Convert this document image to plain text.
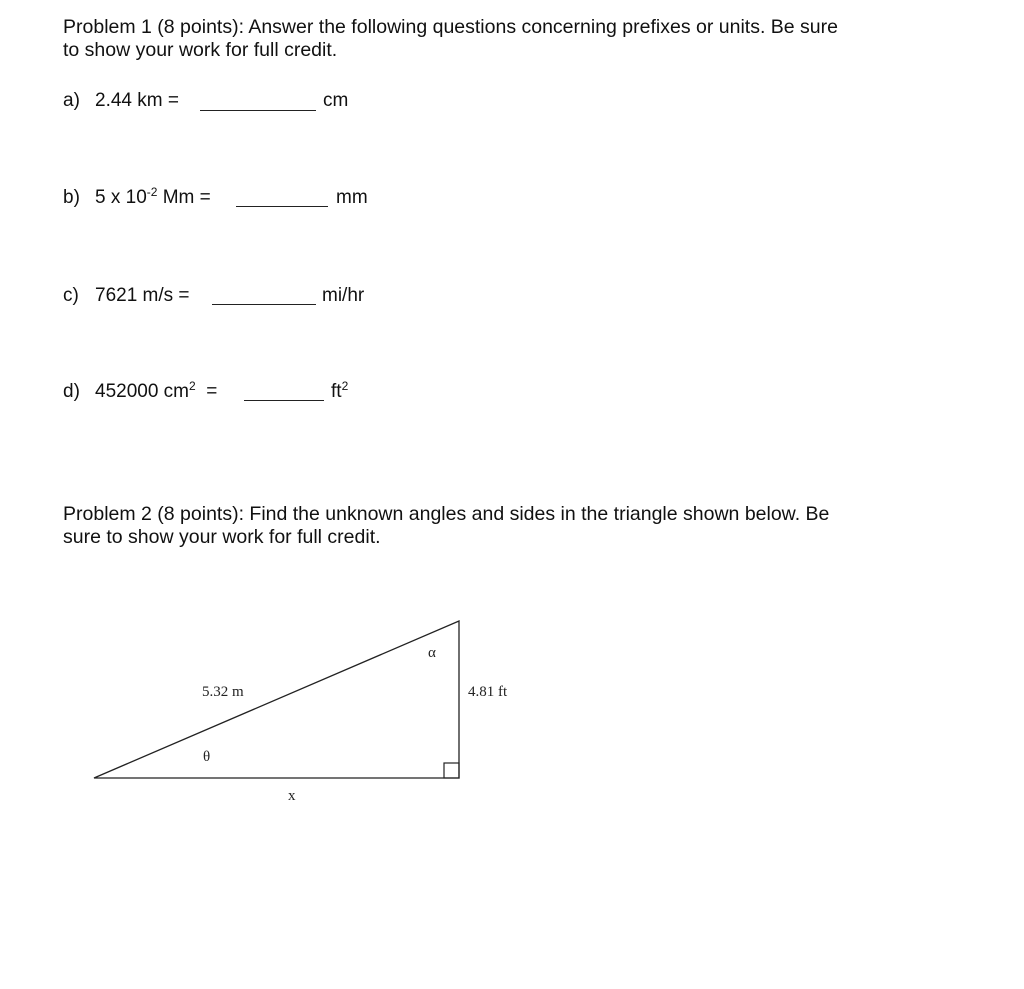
Problem 1 (8 points): Answer the following questions concerning prefixes or units. Be sure
to show your work for full credit.
a) 2.44 km =	cm
b) 5 x $10^{-2}$ Mm =	mm
c) 7621 m/s =	mi/hr
d) 452000 $cm^2$  =	$ft^2$
Problem 2 (8 points): Find the unknown angles and sides in the triangle shown below. Be
sure to show your work for full credit.
5.32 m	4.81 ft
x
θ
α
